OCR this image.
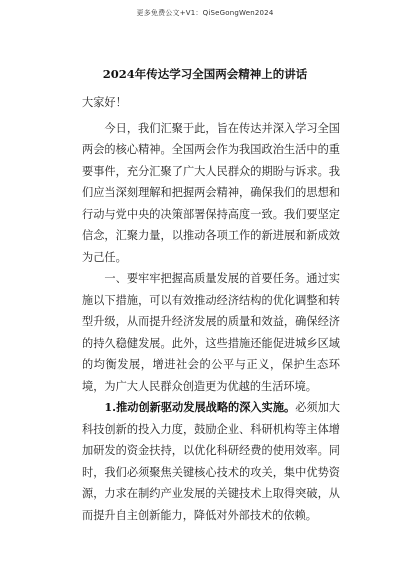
更多免费公文+V1：QiSeGongWen2024
2024年传达学习全国两会精神上的讲话

大家好！

今日，我们汇聚于此，旨在传达并深入学习全国两会的核心精神。全国两会作为我国政治生活中的重要事件，充分汇聚了广大人民群众的期盼与诉求。我们应当深刻理解和把握两会精神，确保我们的思想和行动与党中央的决策部署保持高度一致。我们要坚定信念，汇聚力量，以推动各项工作的新进展和新成效为己任。

一、要牢牢把握高质量发展的首要任务。通过实施以下措施，可以有效推动经济结构的优化调整和转型升级，从而提升经济发展的质量和效益，确保经济的持久稳健发展。此外，这些措施还能促进城乡区域的均衡发展，增进社会的公平与正义，保护生态环境，为广大人民群众创造更为优越的生活环境。

1.推动创新驱动发展战略的深入实施。必须加大科技创新的投入力度，鼓励企业、科研机构等主体增加研发的资金扶持，以优化科研经费的使用效率。同时，我们必须聚焦关键核心技术的攻关，集中优势资源，力求在制约产业发展的关键技术上取得突破，从而提升自主创新能力，降低对外部技术的依赖。
